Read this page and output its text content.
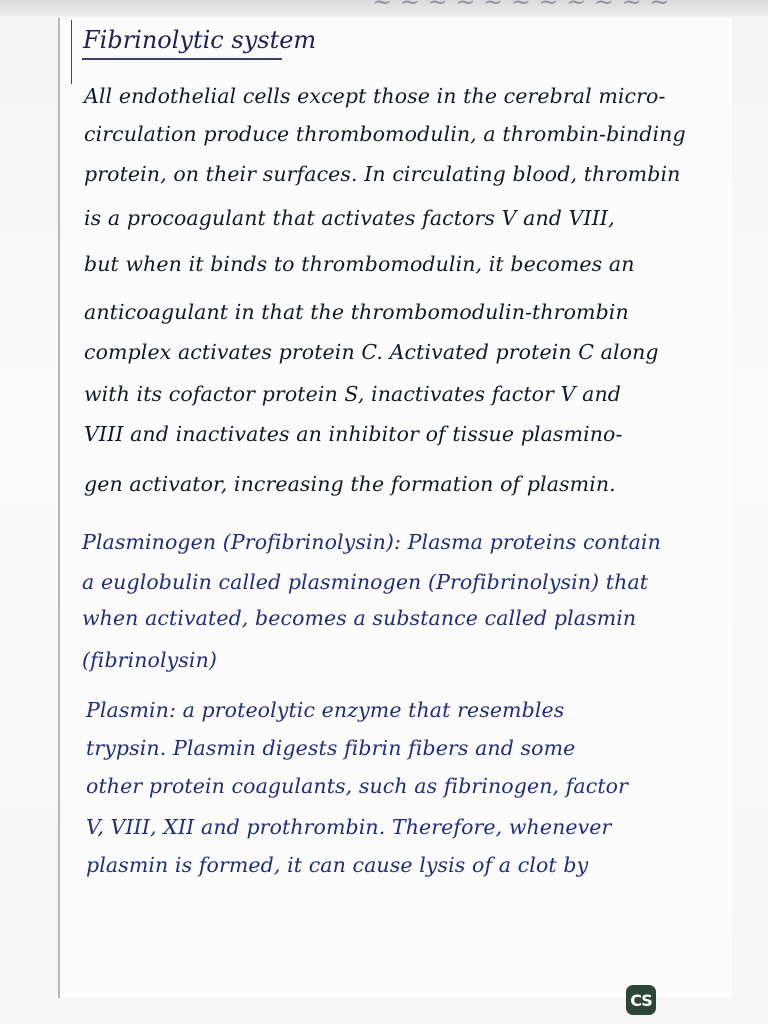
~ ~ ~ ~ ~ ~ ~ ~ ~ ~ ~
Fibrinolytic system
All endothelial cells except those in the cerebral micro-
circulation produce thrombomodulin, a thrombin-binding
protein, on their surfaces. In circulating blood, thrombin
is a procoagulant that activates factors V and VIII,
but when it binds to thrombomodulin, it becomes an
anticoagulant in that the thrombomodulin-thrombin
complex activates protein C. Activated protein C along
with its cofactor protein S, inactivates factor V and
VIII and inactivates an inhibitor of tissue plasmino-
gen activator, increasing the formation of plasmin.
Plasminogen (Profibrinolysin): Plasma proteins contain
a euglobulin called plasminogen (Profibrinolysin) that
when activated, becomes a substance called plasmin
(fibrinolysin)
Plasmin: a proteolytic enzyme that resembles
trypsin. Plasmin digests fibrin fibers and some
other protein coagulants, such as fibrinogen, factor
V, VIII, XII and prothrombin. Therefore, whenever
plasmin is formed, it can cause lysis of a clot by
CS
